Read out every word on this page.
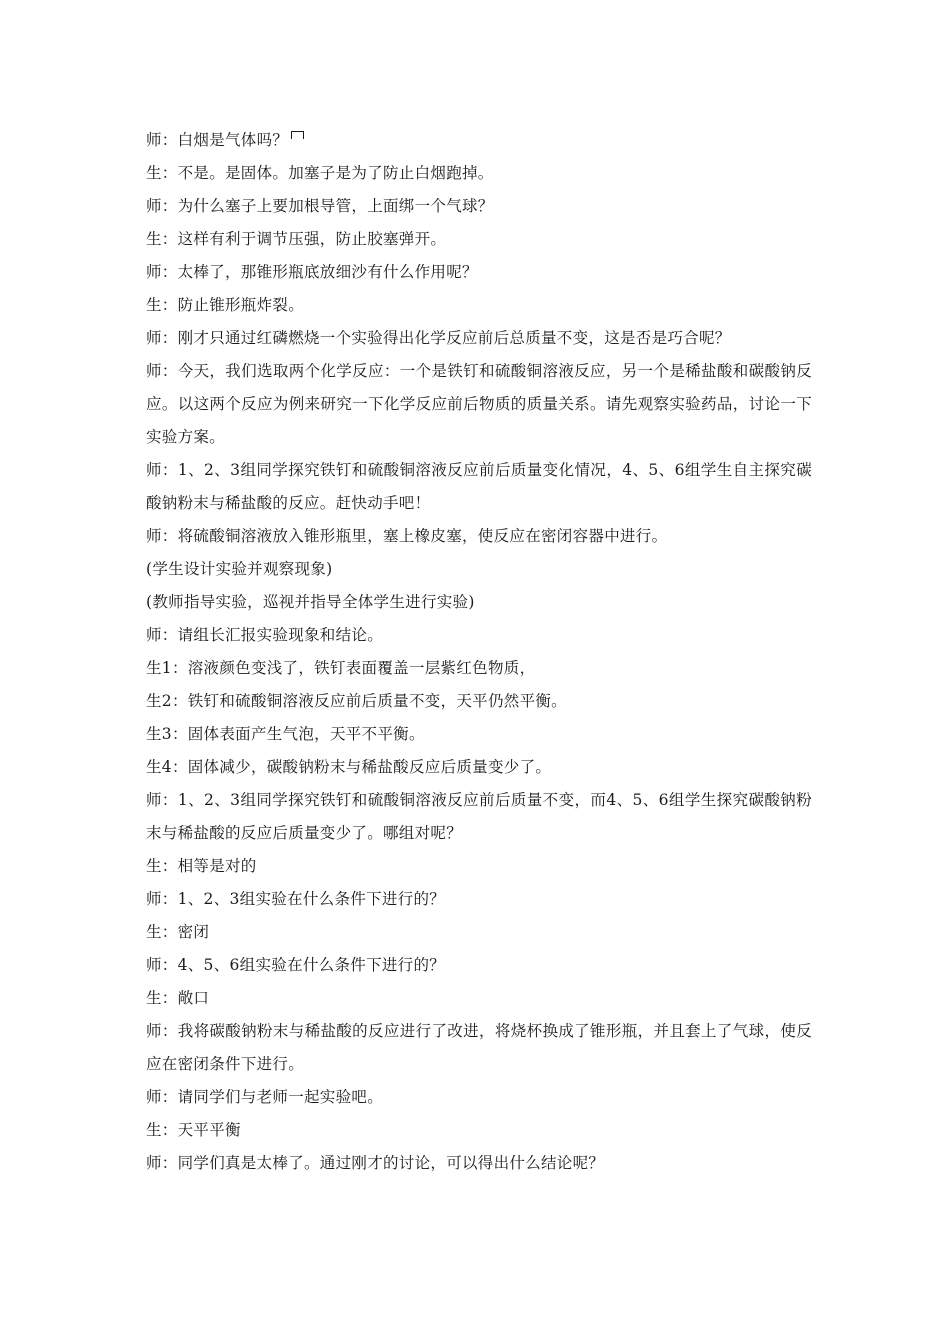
师：白烟是气体吗？

生：不是。是固体。加塞子是为了防止白烟跑掉。

师：为什么塞子上要加根导管，上面绑一个气球？

生：这样有利于调节压强，防止胶塞弹开。

师：太棒了，那锥形瓶底放细沙有什么作用呢？

生：防止锥形瓶炸裂。

师：刚才只通过红磷燃烧一个实验得出化学反应前后总质量不变，这是否是巧合呢？

师：今天，我们选取两个化学反应：一个是铁钉和硫酸铜溶液反应，另一个是稀盐酸和碳酸钠反应。以这两个反应为例来研究一下化学反应前后物质的质量关系。请先观察实验药品，讨论一下实验方案。

师：1、2、3组同学探究铁钉和硫酸铜溶液反应前后质量变化情况，4、5、6组学生自主探究碳酸钠粉末与稀盐酸的反应。赶快动手吧！

师：将硫酸铜溶液放入锥形瓶里，塞上橡皮塞，使反应在密闭容器中进行。

(学生设计实验并观察现象)

(教师指导实验，巡视并指导全体学生进行实验)

师：请组长汇报实验现象和结论。

生1：溶液颜色变浅了，铁钉表面覆盖一层紫红色物质，

生2：铁钉和硫酸铜溶液反应前后质量不变，天平仍然平衡。

生3：固体表面产生气泡，天平不平衡。

生4：固体减少，碳酸钠粉末与稀盐酸反应后质量变少了。

师：1、2、3组同学探究铁钉和硫酸铜溶液反应前后质量不变，而4、5、6组学生探究碳酸钠粉末与稀盐酸的反应后质量变少了。哪组对呢？

生：相等是对的

师：1、2、3组实验在什么条件下进行的？

生：密闭

师：4、5、6组实验在什么条件下进行的？

生：敞口

师：我将碳酸钠粉末与稀盐酸的反应进行了改进，将烧杯换成了锥形瓶，并且套上了气球，使反应在密闭条件下进行。

师：请同学们与老师一起实验吧。

生：天平平衡

师：同学们真是太棒了。通过刚才的讨论，可以得出什么结论呢？
